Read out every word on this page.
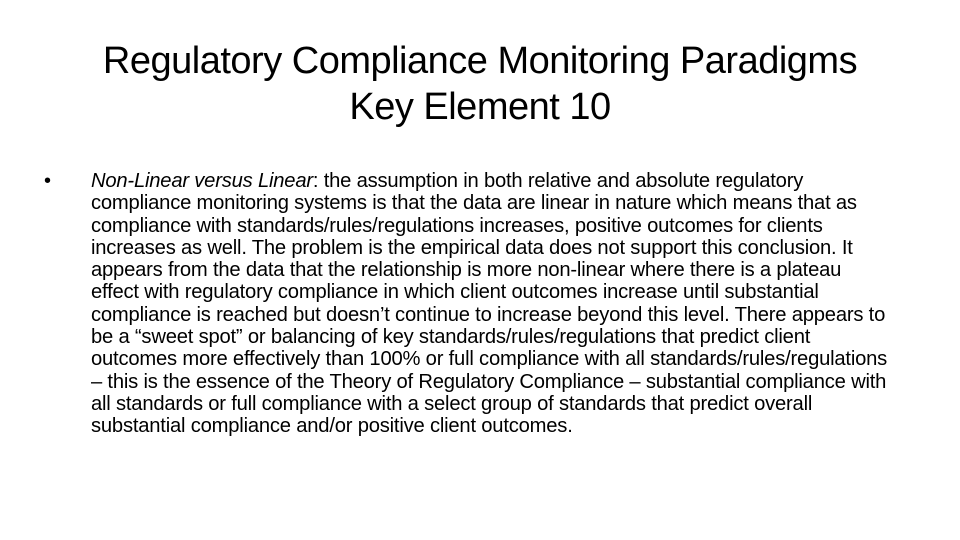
Regulatory Compliance Monitoring Paradigms
Key Element 10
•	Non-Linear versus Linear: the assumption in both relative and absolute regulatory compliance monitoring systems is that the data are linear in nature which means that as compliance with standards/rules/regulations increases, positive outcomes for clients increases as well. The problem is the empirical data does not support this conclusion. It appears from the data that the relationship is more non-linear where there is a plateau effect with regulatory compliance in which client outcomes increase until substantial compliance is reached but doesn’t continue to increase beyond this level. There appears to be a “sweet spot” or balancing of key standards/rules/regulations that predict client outcomes more effectively than 100% or full compliance with all standards/rules/regulations – this is the essence of the Theory of Regulatory Compliance – substantial compliance with all standards or full compliance with a select group of standards that predict overall substantial compliance and/or positive client outcomes.
